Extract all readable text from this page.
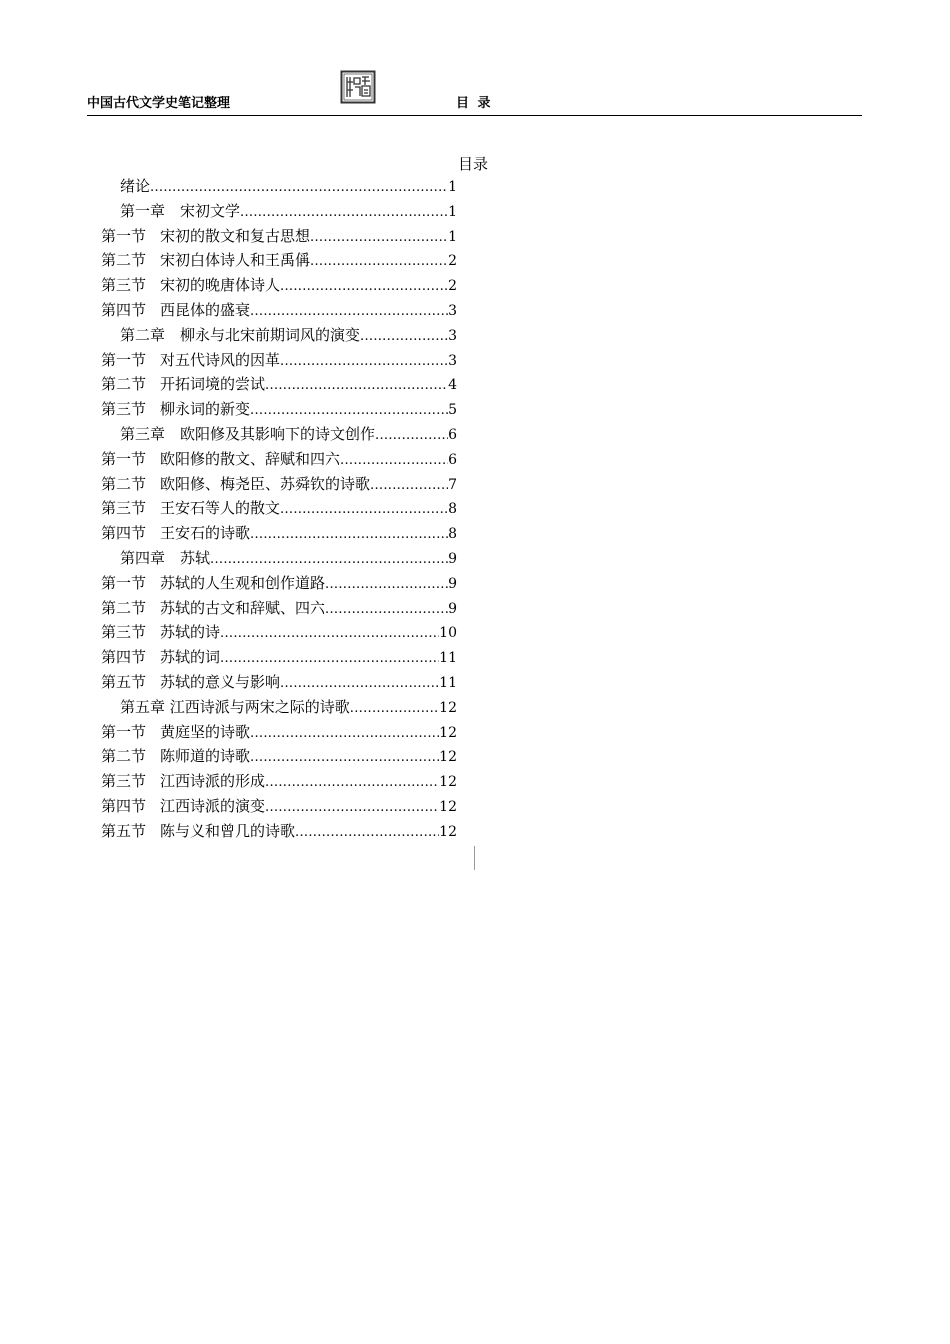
中国古代文学史笔记整理	目 录
目录
绪论 .....	1
第一章　宋初文学 .....	1
第一节 宋初的散文和复古思想 .....	1
第二节 宋初白体诗人和王禹偁 .....	2
第三节 宋初的晚唐体诗人 .....	2
第四节 西昆体的盛衰 .....	3
第二章　柳永与北宋前期词风的演变 .....	3
第一节 对五代诗风的因革 .....	3
第二节 开拓词境的尝试 .....	4
第三节 柳永词的新变 .....	5
第三章　欧阳修及其影响下的诗文创作 .....	6
第一节 欧阳修的散文、辞赋和四六 .....	6
第二节 欧阳修、梅尧臣、苏舜钦的诗歌 .....	7
第三节 王安石等人的散文 .....	8
第四节 王安石的诗歌 .....	8
第四章　苏轼 .....	9
第一节 苏轼的人生观和创作道路 .....	9
第二节 苏轼的古文和辞赋、四六 .....	9
第三节 苏轼的诗 .....	10
第四节 苏轼的词 .....	11
第五节 苏轼的意义与影响 .....	11
第五章 江西诗派与两宋之际的诗歌 .....	12
第一节 黄庭坚的诗歌 .....	12
第二节 陈师道的诗歌 .....	12
第三节 江西诗派的形成 .....	12
第四节 江西诗派的演变 .....	12
第五节 陈与义和曾几的诗歌 .....	12
